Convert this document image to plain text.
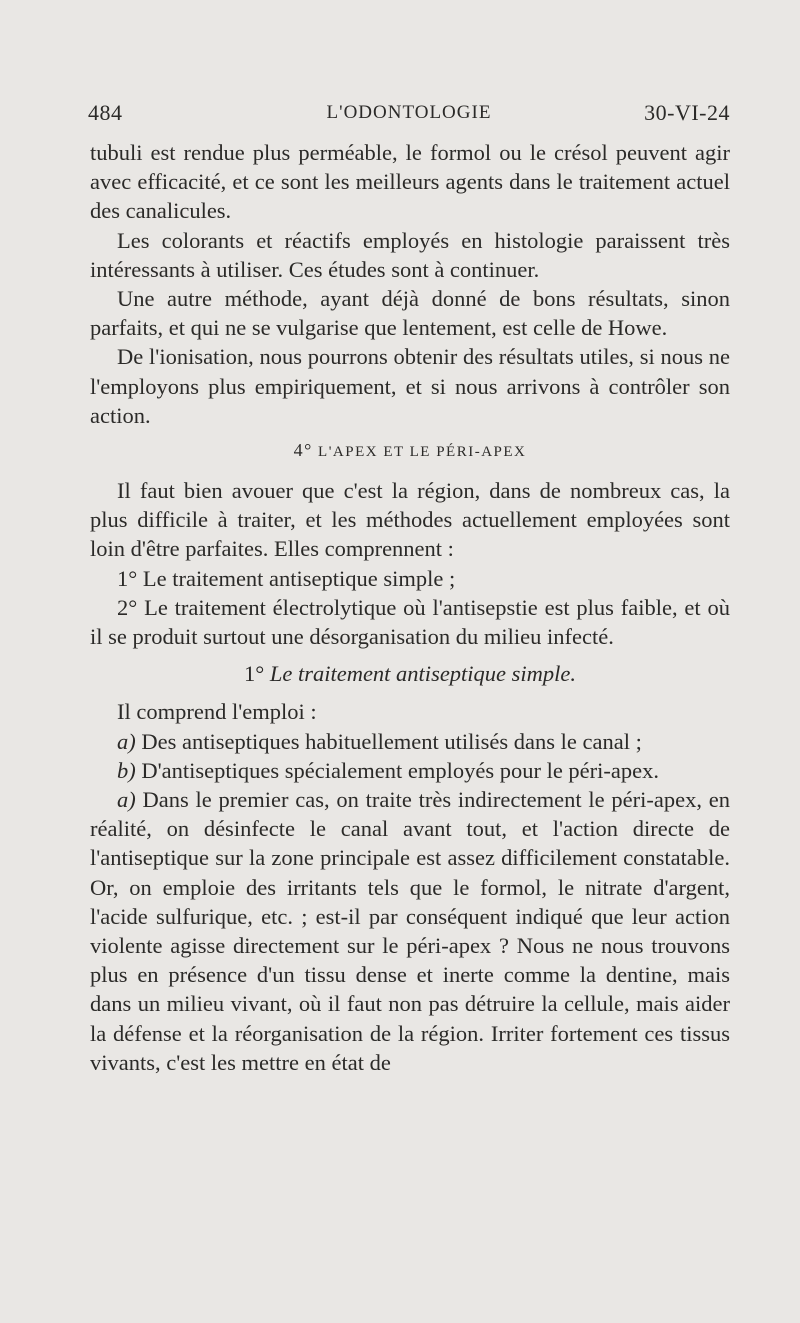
484	L'ODONTOLOGIE	30-VI-24

tubuli est rendue plus perméable, le formol ou le crésol peuvent agir avec efficacité, et ce sont les meilleurs agents dans le traitement actuel des canalicules.

Les colorants et réactifs employés en histologie paraissent très intéressants à utiliser. Ces études sont à continuer.

Une autre méthode, ayant déjà donné de bons résultats, sinon parfaits, et qui ne se vulgarise que lentement, est celle de Howe.

De l'ionisation, nous pourrons obtenir des résultats utiles, si nous ne l'employons plus empiriquement, et si nous arrivons à contrôler son action.

4° L'APEX ET LE PÉRI-APEX

Il faut bien avouer que c'est la région, dans de nombreux cas, la plus difficile à traiter, et les méthodes actuellement employées sont loin d'être parfaites. Elles comprennent :

1° Le traitement antiseptique simple ;

2° Le traitement électrolytique où l'antisepstie est plus faible, et où il se produit surtout une désorganisation du milieu infecté.

1° Le traitement antiseptique simple.

Il comprend l'emploi :

a) Des antiseptiques habituellement utilisés dans le canal ;

b) D'antiseptiques spécialement employés pour le péri-apex.

a) Dans le premier cas, on traite très indirectement le péri-apex, en réalité, on désinfecte le canal avant tout, et l'action directe de l'antiseptique sur la zone principale est assez difficilement constatable. Or, on emploie des irritants tels que le formol, le nitrate d'argent, l'acide sulfurique, etc. ; est-il par conséquent indiqué que leur action violente agisse directement sur le péri-apex ? Nous ne nous trouvons plus en présence d'un tissu dense et inerte comme la dentine, mais dans un milieu vivant, où il faut non pas détruire la cellule, mais aider la défense et la réorganisation de la région. Irriter fortement ces tissus vivants, c'est les mettre en état de
